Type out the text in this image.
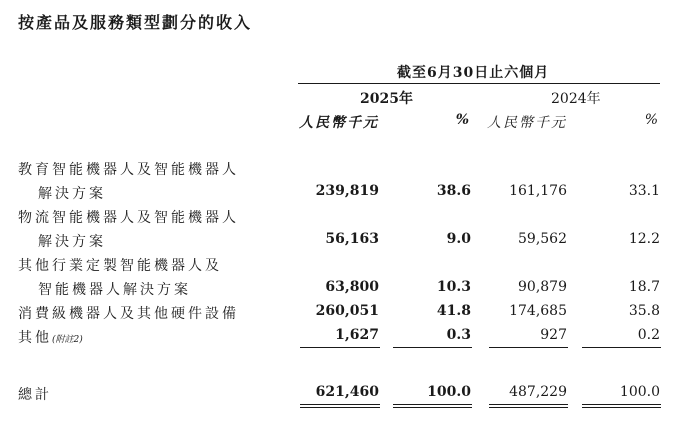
按產品及服務類型劃分的收入
截至6月30日止六個月
2025年	2024年
人民幣千元	% 人民幣千元	%
教育智能機器人及智能機器人
解決方案	239,819	38.6	161,176	33.1
物流智能機器人及智能機器人
解決方案	56,163	9.0	59,562	12.2
其他行業定製智能機器人及
智能機器人解決方案	63,800	10.3	90,879	18.7
消費級機器人及其他硬件設備	260,051	41.8	174,685	35.8
其他(附註2)	1,627	0.3	927	0.2
總計	621,460	100.0	487,229	100.0
